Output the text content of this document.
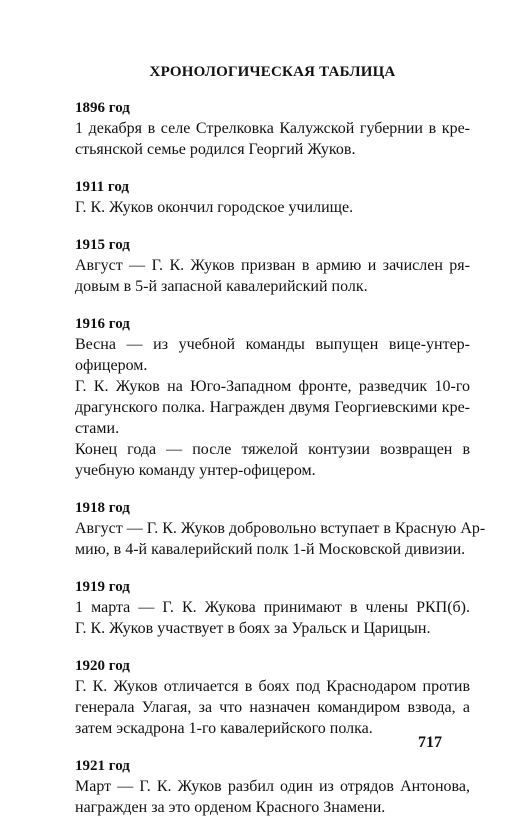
ХРОНОЛОГИЧЕСКАЯ ТАБЛИЦА

1896 год

1 декабря в селе Стрелковка Калужской губернии в кре-
стьянской семье родился Георгий Жуков.

1911 год

Г. К. Жуков окончил городское училище.

1915 год

Август — Г. К. Жуков призван в армию и зачислен ря-
довым в 5-й запасной кавалерийский полк.

1916 год

Весна — из учебной команды выпущен вице-унтер-
офицером.

Г. К. Жуков на Юго-Западном фронте, разведчик 10-го
драгунского полка. Награжден двумя Георгиевскими кре-
стами.

Конец года — после тяжелой контузии возвращен в
учебную команду унтер-офицером.

1918 год

Август — Г. К. Жуков добровольно вступает в Красную Ар-
мию, в 4-й кавалерийский полк 1-й Московской дивизии.

1919 год

1 марта — Г. К. Жукова принимают в члены РКП(б).
Г. К. Жуков участвует в боях за Уральск и Царицын.

1920 год

Г. К. Жуков отличается в боях под Краснодаром против
генерала Улагая, за что назначен командиром взвода, а
затем эскадрона 1-го кавалерийского полка.

1921 год

Март — Г. К. Жуков разбил один из отрядов Антонова,
награжден за это орденом Красного Знамени.

717
